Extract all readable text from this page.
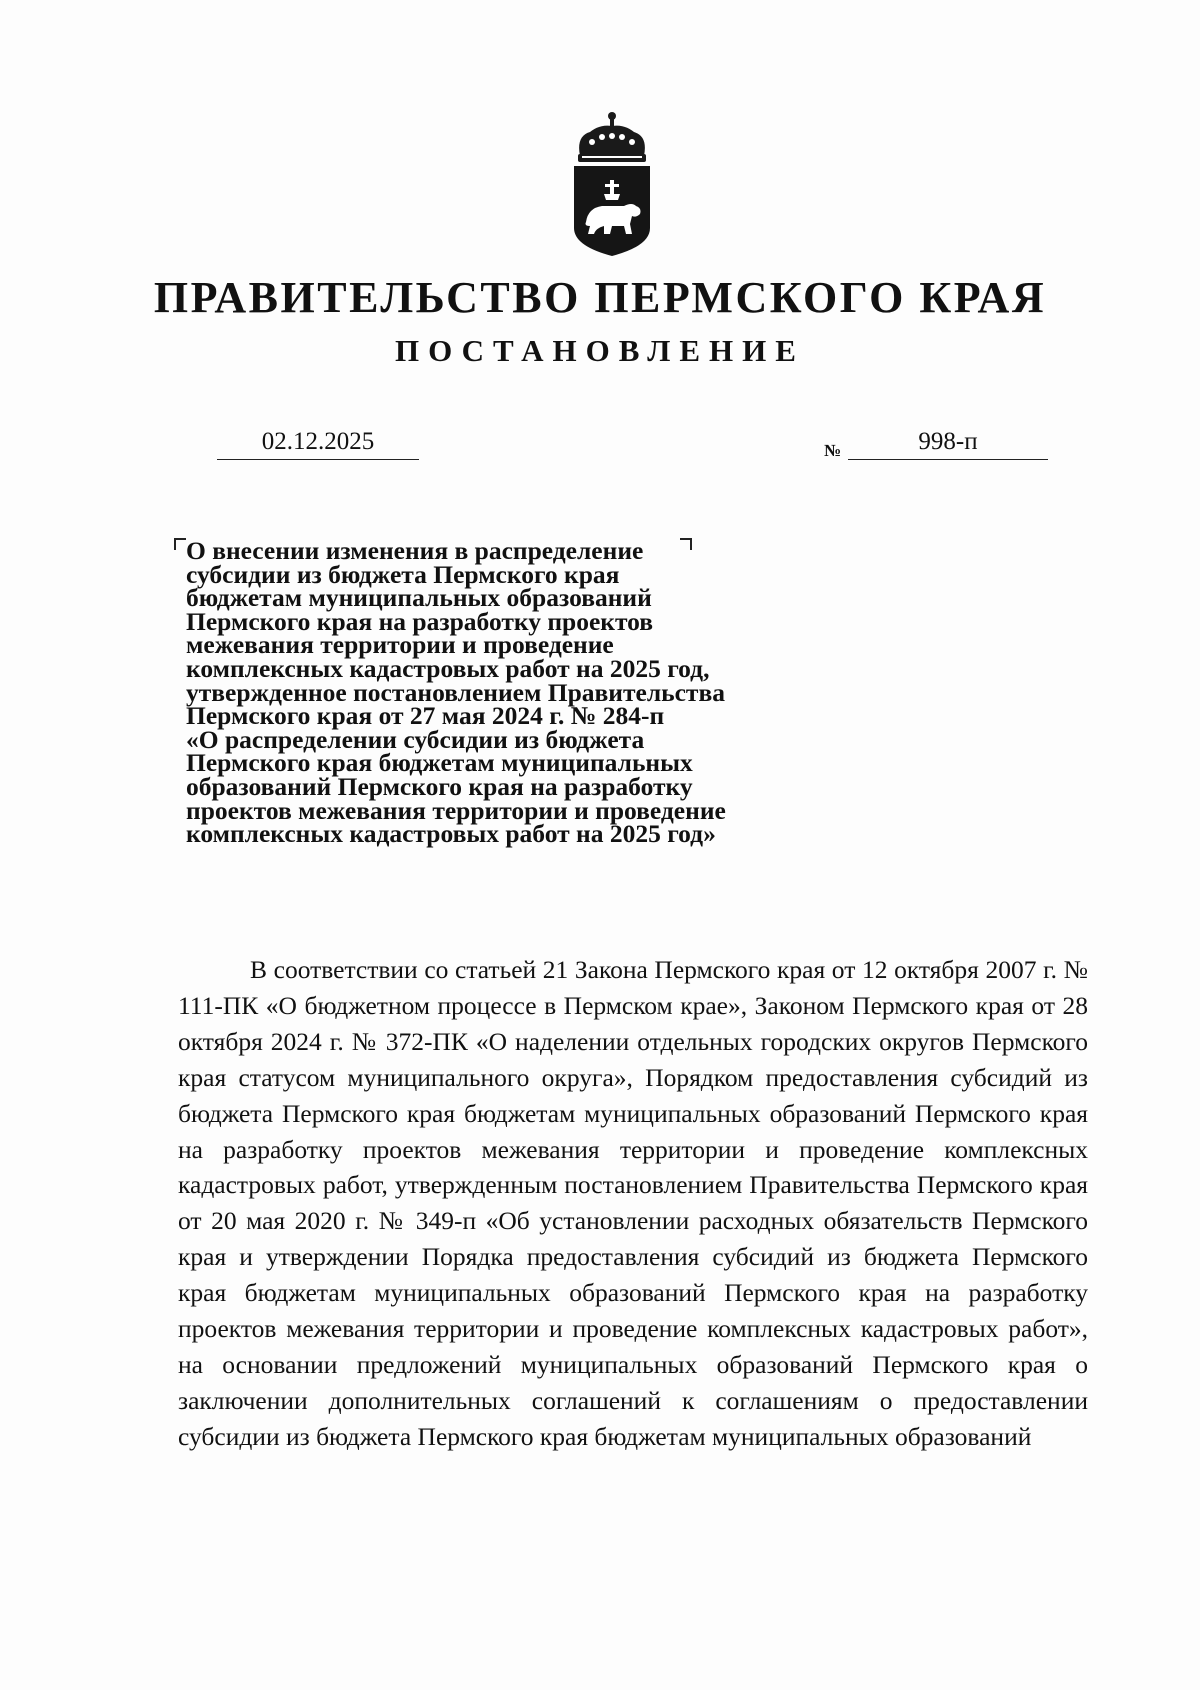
ПРАВИТЕЛЬСТВО ПЕРМСКОГО КРАЯ
ПОСТАНОВЛЕНИЕ
02.12.2025	№	998-п

О внесении изменения в распределение
субсидии из бюджета Пермского края
бюджетам муниципальных образований
Пермского края на разработку проектов
межевания территории и проведение
комплексных кадастровых работ на 2025 год,
утвержденное постановлением Правительства
Пермского края от 27 мая 2024 г. № 284-п
«О распределении субсидии из бюджета
Пермского края бюджетам муниципальных
образований Пермского края на разработку
проектов межевания территории и проведение
комплексных кадастровых работ на 2025 год»

В соответствии со статьей 21 Закона Пермского края от 12 октября 2007 г. № 111-ПК «О бюджетном процессе в Пермском крае», Законом Пермского края от 28 октября 2024 г. № 372-ПК «О наделении отдельных городских округов Пермского края статусом муниципального округа», Порядком предоставления субсидий из бюджета Пермского края бюджетам муниципальных образований Пермского края на разработку проектов межевания территории и проведение комплексных кадастровых работ, утвержденным постановлением Правительства Пермского края от 20 мая 2020 г. № 349-п «Об установлении расходных обязательств Пермского края и утверждении Порядка предоставления субсидий из бюджета Пермского края бюджетам муниципальных образований Пермского края на разработку проектов межевания территории и проведение комплексных кадастровых работ», на основании предложений муниципальных образований Пермского края о заключении дополнительных соглашений к соглашениям о предоставлении субсидии из бюджета Пермского края бюджетам муниципальных образований
